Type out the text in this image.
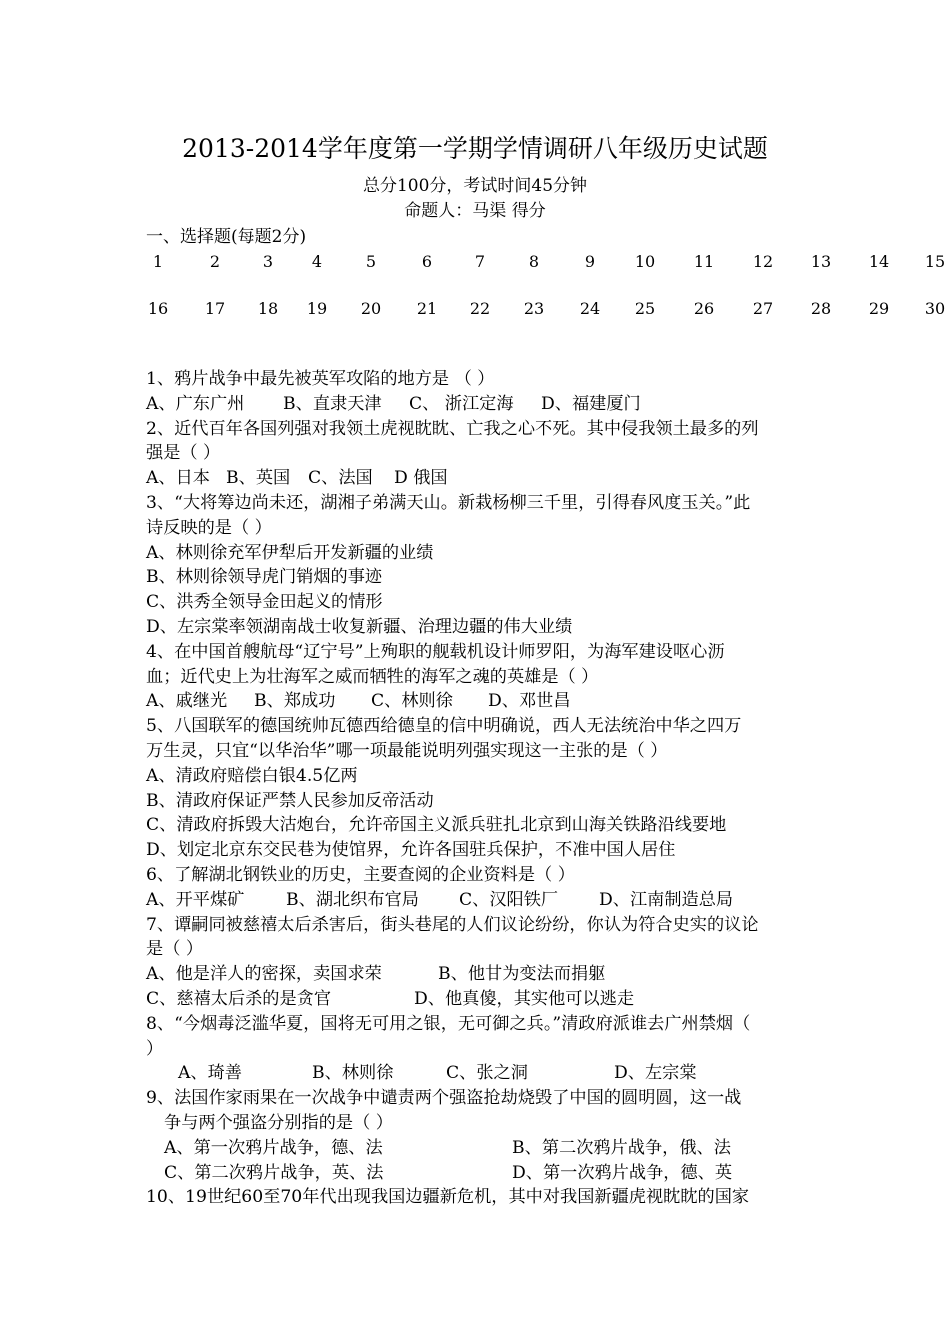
2013-2014学年度第一学期学情调研八年级历史试题
总分100分，考试时间45分钟
命题人：马渠 得分
一、选择题(每题2分)
1	2	3	4	5	6	7	8	9	10	11	12	13	14	15
16	17	18	19	20	21	22	23	24	25	26	27	28	29	30
1、鸦片战争中最先被英军攻陷的地方是 （ ）
A、广东广州	B、直隶天津	C、 浙江定海	D、福建厦门
2、近代百年各国列强对我领土虎视眈眈、亡我之心不死。其中侵我领土最多的列
强是（ ）
A、日本 B、英国	C、法国	D 俄国
3、“大将筹边尚未还，湖湘子弟满天山。新栽杨柳三千里，引得春风度玉关。”此
诗反映的是（ ）
A、林则徐充军伊犁后开发新疆的业绩
B、林则徐领导虎门销烟的事迹
C、洪秀全领导金田起义的情形
D、左宗棠率领湖南战士收复新疆、治理边疆的伟大业绩
4、在中国首艘航母“辽宁号”上殉职的舰载机设计师罗阳，为海军建设呕心沥
血；近代史上为壮海军之威而牺牲的海军之魂的英雄是（ ）
A、戚继光	B、郑成功	C、林则徐	D、邓世昌
5、八国联军的德国统帅瓦德西给德皇的信中明确说，西人无法统治中华之四万
万生灵，只宜“以华治华”哪一项最能说明列强实现这一主张的是（ ）
A、清政府赔偿白银4.5亿两
B、清政府保证严禁人民参加反帝活动
C、清政府拆毁大沽炮台，允许帝国主义派兵驻扎北京到山海关铁路沿线要地
D、划定北京东交民巷为使馆界，允许各国驻兵保护，不准中国人居住
6、了解湖北钢铁业的历史，主要查阅的企业资料是（ ）
A、开平煤矿	B、湖北织布官局	C、汉阳铁厂	D、江南制造总局
7、谭嗣同被慈禧太后杀害后，街头巷尾的人们议论纷纷，你认为符合史实的议论
是（ ）
A、他是洋人的密探，卖国求荣	B、他甘为变法而捐躯
C、慈禧太后杀的是贪官	D、他真傻，其实他可以逃走
8、“今烟毒泛滥华夏，国将无可用之银，无可御之兵。”清政府派谁去广州禁烟（
）
A、琦善	B、林则徐	C、张之洞	D、左宗棠
9、法国作家雨果在一次战争中谴责两个强盗抢劫烧毁了中国的圆明圆，这一战
争与两个强盗分别指的是（ ）
A、第一次鸦片战争，德、法	B、第二次鸦片战争，俄、法
C、第二次鸦片战争，英、法	D、第一次鸦片战争，德、英
10、19世纪60至70年代出现我国边疆新危机，其中对我国新疆虎视眈眈的国家
